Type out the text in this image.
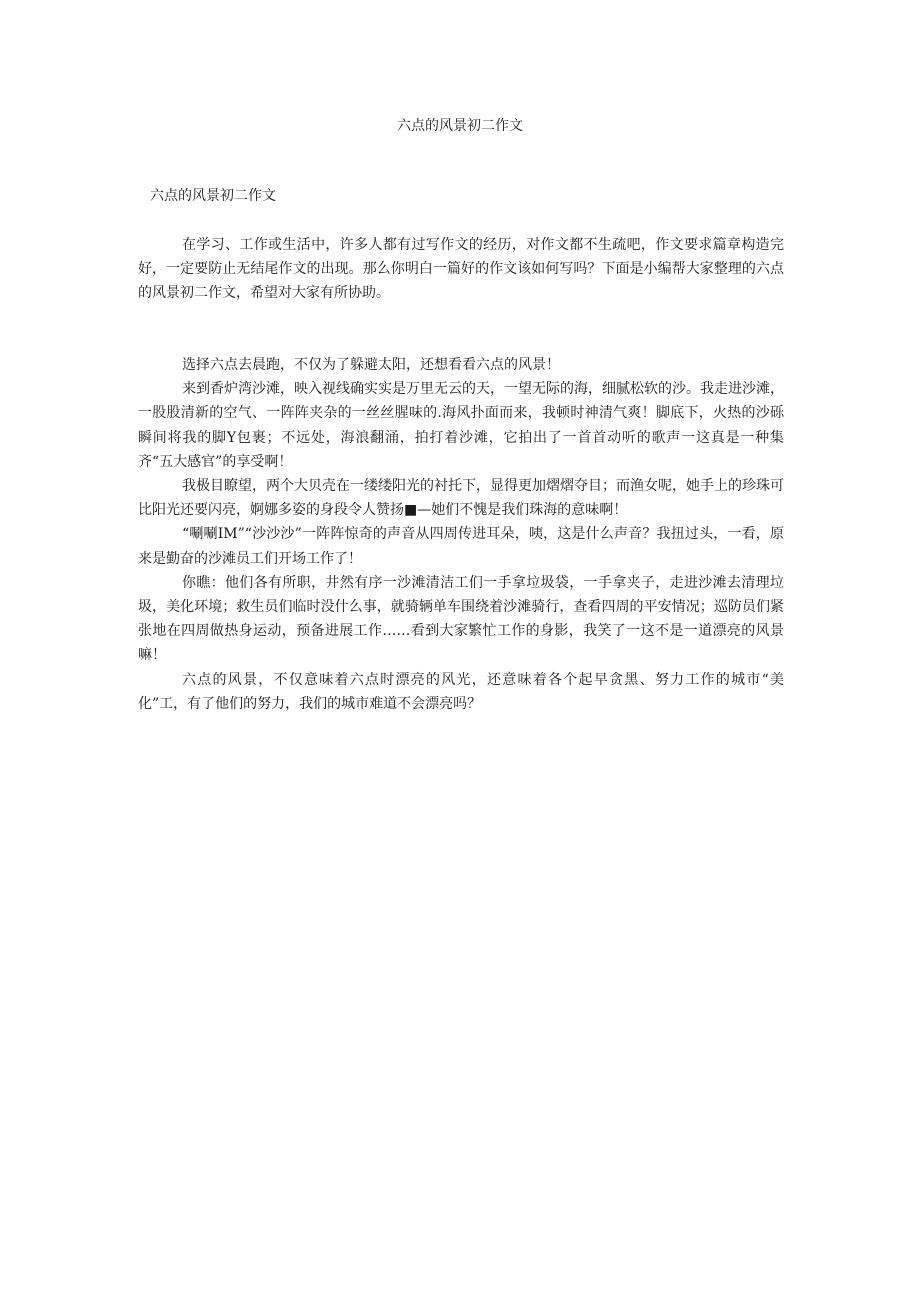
六点的风景初二作文
六点的风景初二作文

在学习、工作或生活中，许多人都有过写作文的经历，对作文都不生疏吧，作文要求篇章构造完好，一定要防止无结尾作文的出现。那么你明白一篇好的作文该如何写吗？下面是小编帮大家整理的六点的风景初二作文，希望对大家有所协助。

选择六点去晨跑，不仅为了躲避太阳，还想看看六点的风景！

来到香炉湾沙滩，映入视线确实实是万里无云的天，一望无际的海，细腻松软的沙。我走进沙滩，一股股清新的空气、一阵阵夹杂的一丝丝腥味的.海风扑面而来，我顿时神清气爽！脚底下，火热的沙砾瞬间将我的脚Y包裹；不远处，海浪翻涌，拍打着沙滩，它拍出了一首首动听的歌声一这真是一种集齐“五大感官”的享受啊！

我极目瞭望，两个大贝壳在一缕缕阳光的衬托下，显得更加熠熠夺目；而渔女呢，她手上的珍珠可比阳光还要闪亮，婀娜多姿的身段令人赞扬■—她们不愧是我们珠海的意味啊！

“唰唰IM”“沙沙沙”一阵阵惊奇的声音从四周传进耳朵，咦，这是什么声音？我扭过头，一看，原来是勤奋的沙滩员工们开场工作了！

你瞧：他们各有所职，井然有序一沙滩清洁工们一手拿垃圾袋，一手拿夹子，走进沙滩去清理垃圾，美化环境；救生员们临时没什么事，就骑辆单车围绕着沙滩骑行，查看四周的平安情况；巡防员们紧张地在四周做热身运动，预备进展工作……看到大家繁忙工作的身影，我笑了一这不是一道漂亮的风景嘛！

六点的风景，不仅意味着六点时漂亮的风光，还意味着各个起早贪黑、努力工作的城市“美化”工，有了他们的努力，我们的城市难道不会漂亮吗？
